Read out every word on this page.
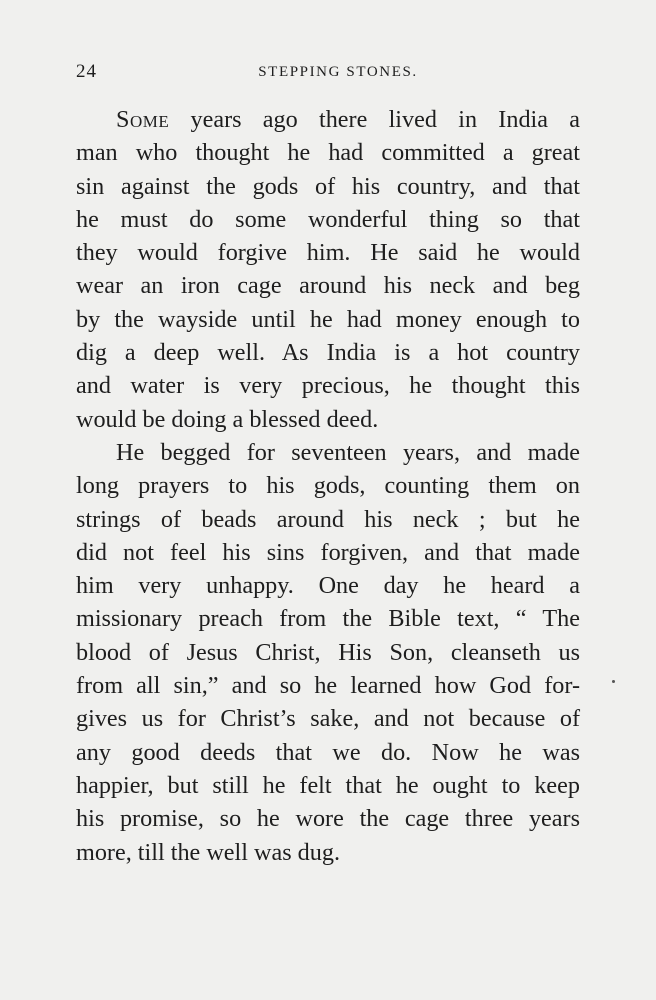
24	STEPPING STONES.
Some years ago there lived in India a
man who thought he had committed a great
sin against the gods of his country, and that
he must do some wonderful thing so that
they would forgive him. He said he would
wear an iron cage around his neck and beg
by the wayside until he had money enough to
dig a deep well. As India is a hot country
and water is very precious, he thought this
would be doing a blessed deed.
He begged for seventeen years, and made
long prayers to his gods, counting them on
strings of beads around his neck ; but he
did not feel his sins forgiven, and that made
him very unhappy. One day he heard a
missionary preach from the Bible text, “ The
blood of Jesus Christ, His Son, cleanseth us
from all sin,” and so he learned how God for-
gives us for Christ’s sake, and not because of
any good deeds that we do. Now he was
happier, but still he felt that he ought to keep
his promise, so he wore the cage three years
more, till the well was dug.
